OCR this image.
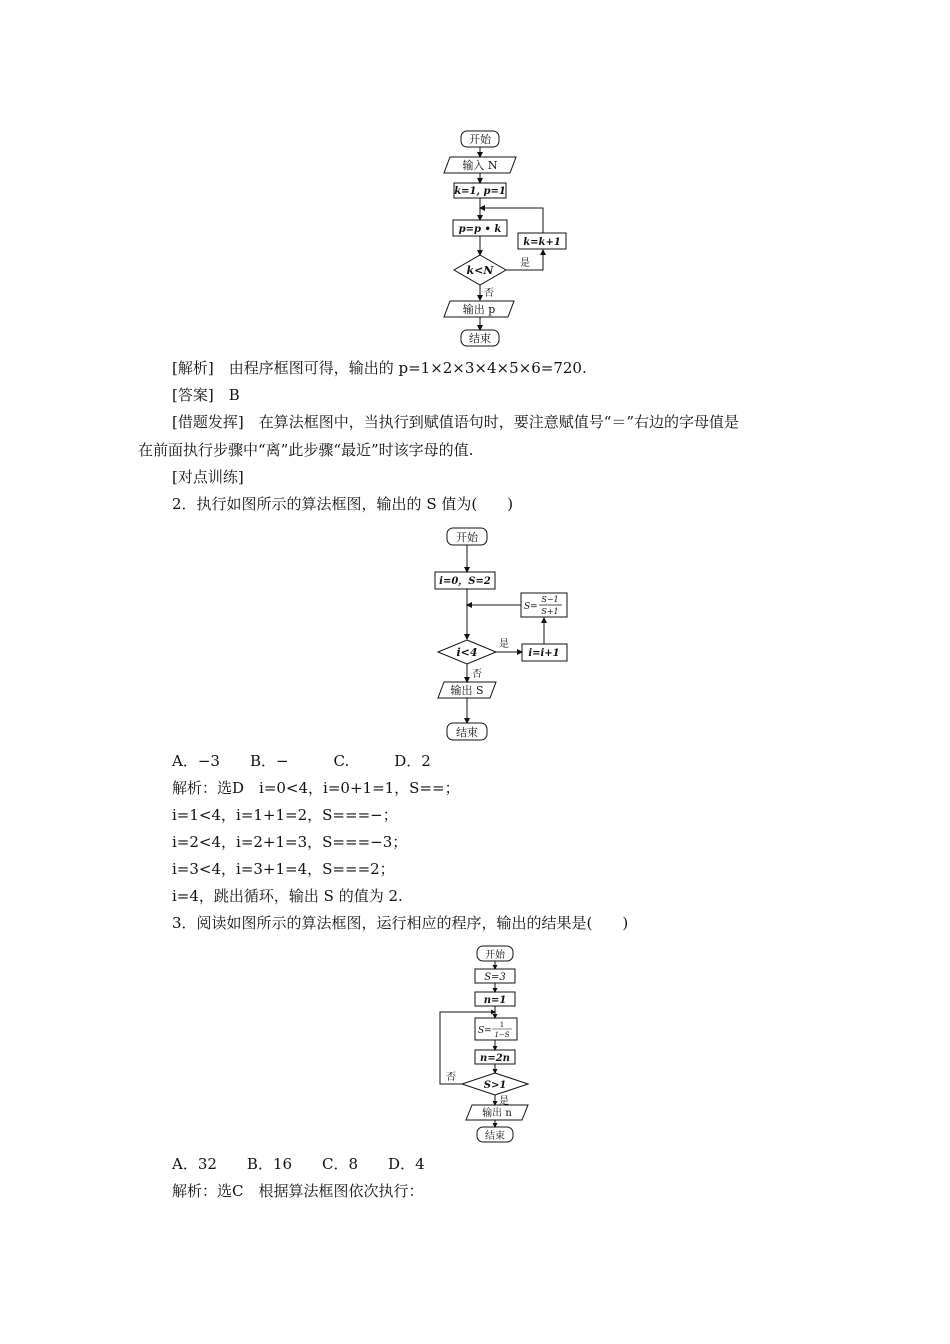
开始
输入 N
k=1, p=1
p=p • k
k<N
是
k=k+1
否
输出 p
结束
[解析]　由程序框图可得，输出的 p=1×2×3×4×5×6=720.
[答案]　B
[借题发挥]　在算法框图中，当执行到赋值语句时，要注意赋值号“＝”右边的字母值是
在前面执行步骤中“离”此步骤“最近”时该字母的值.
[对点训练]
2．执行如图所示的算法框图，输出的 S 值为(　　)
开始
i=0，S=2
S=
S−1
S+1
i<4
是
i=i+1
否
输出 S
结束
A．−3　　B．−　　　C.　　　D．2
解析：选D　i=0<4，i=0+1=1，S==；
i=1<4，i=1+1=2，S===−；
i=2<4，i=2+1=3，S===−3；
i=3<4，i=3+1=4，S===2；
i=4，跳出循环，输出 S 的值为 2.
3．阅读如图所示的算法框图，运行相应的程序，输出的结果是(　　)
开始
S=3
n=1
S=
1
1−S
n=2n
S>1
否
是
输出 n
结束
A．32　　B．16　　C．8　　D．4
解析：选C　根据算法框图依次执行：
